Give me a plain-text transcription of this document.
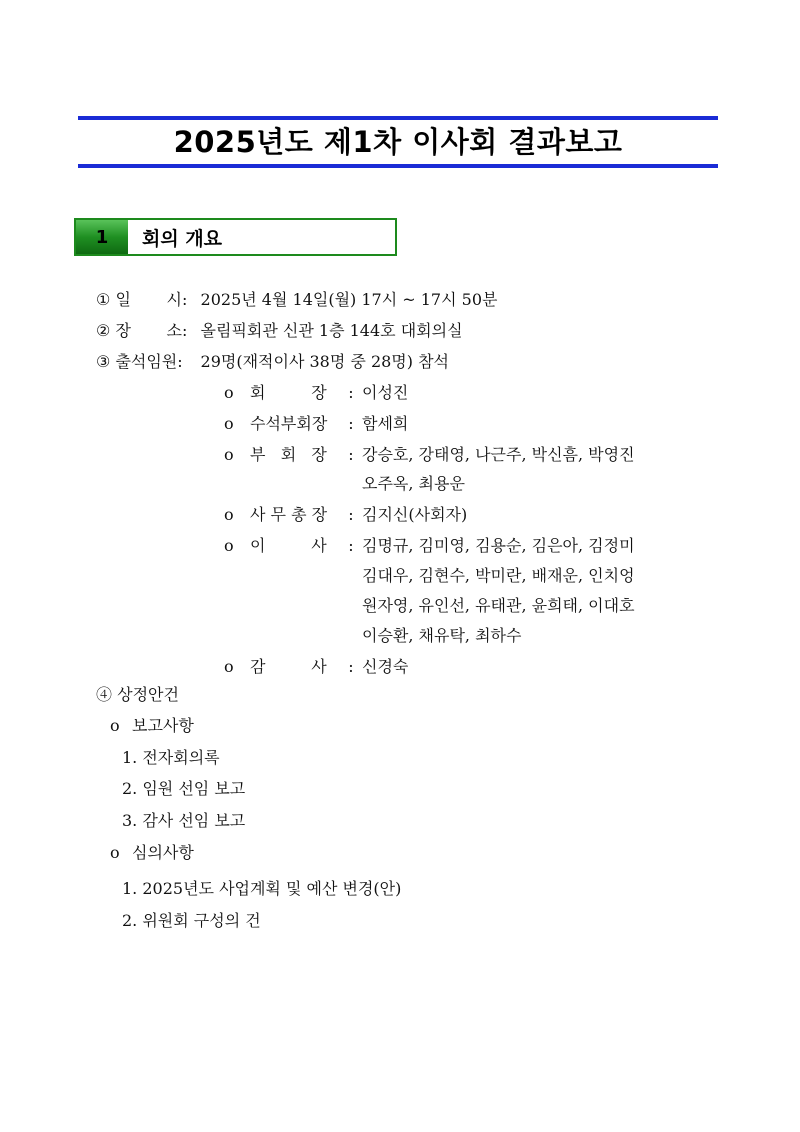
2025년도 제1차 이사회 결과보고
1	회의 개요
① 일       시: 2025년 4월 14일(월) 17시 ~ 17시 50분
② 장       소: 올림픽회관 신관 1층 144호 대회의실
③ 출석임원: 29명(재적이사 38명 중 28명) 참석
o 회         장 : 이성진
o 수석부회장 : 함세희
o 부   회   장 : 강승호, 강태영, 나근주, 박신흠, 박영진
오주옥, 최용운
o 사 무 총 장 : 김지신(사회자)
o 이         사 : 김명규, 김미영, 김용순, 김은아, 김정미
김대우, 김현수, 박미란, 배재운, 인치엉
원자영, 유인선, 유태관, 윤희태, 이대호
이승환, 채유탁, 최하수
o 감         사 : 신경숙
④ 상정안건
o 보고사항
1. 전자회의록
2. 임원 선임 보고
3. 감사 선임 보고
o 심의사항
1. 2025년도 사업계획 및 예산 변경(안)
2. 위원회 구성의 건
